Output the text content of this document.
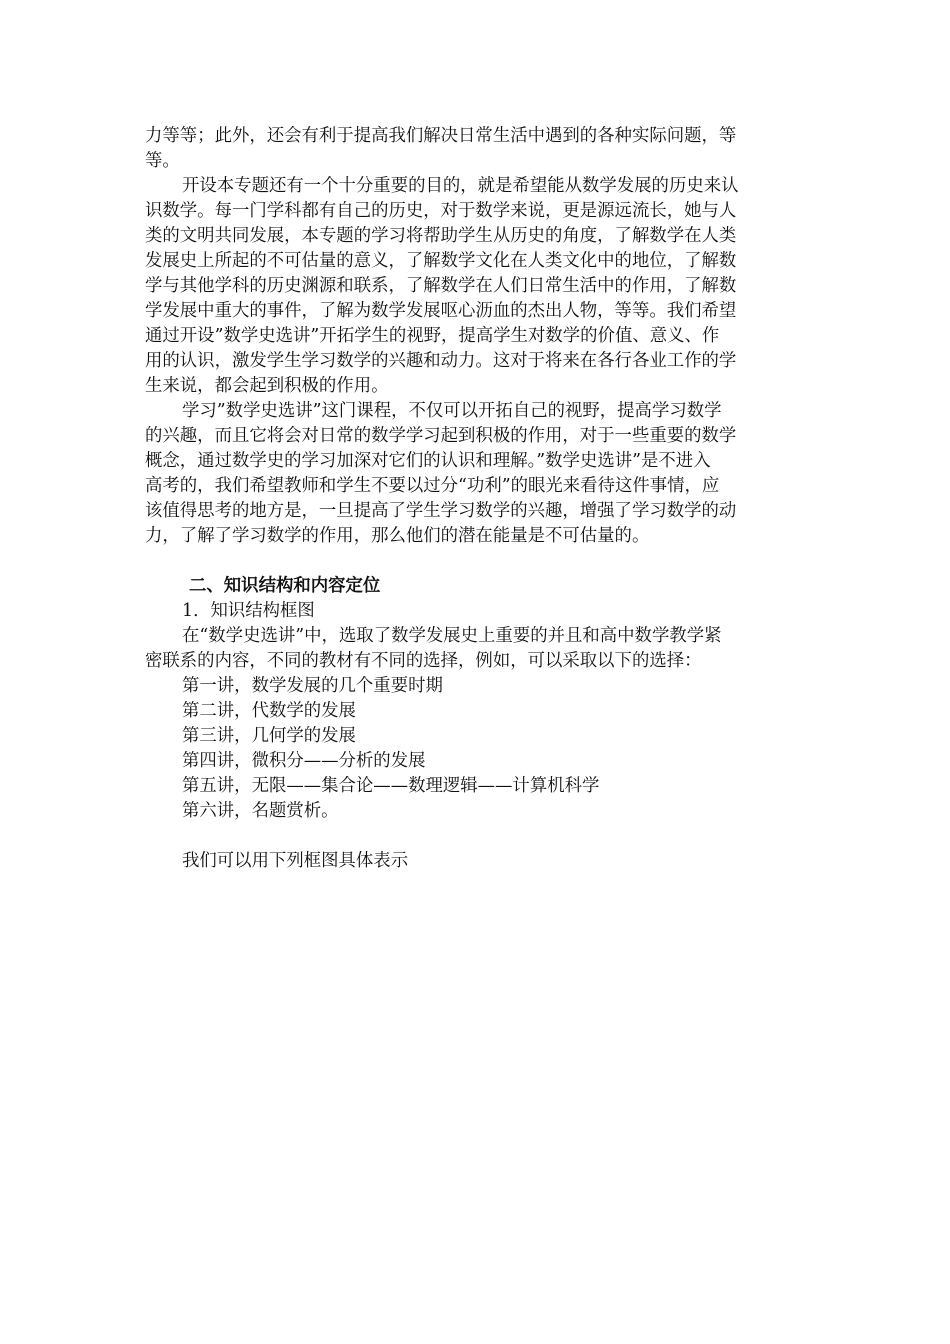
力等等；此外，还会有利于提高我们解决日常生活中遇到的各种实际问题，等
等。
开设本专题还有一个十分重要的目的，就是希望能从数学发展的历史来认
识数学。每一门学科都有自己的历史，对于数学来说，更是源远流长，她与人
类的文明共同发展，本专题的学习将帮助学生从历史的角度，了解数学在人类
发展史上所起的不可估量的意义，了解数学文化在人类文化中的地位，了解数
学与其他学科的历史渊源和联系，了解数学在人们日常生活中的作用，了解数
学发展中重大的事件，了解为数学发展呕心沥血的杰出人物，等等。我们希望
通过开设”数学史选讲”开拓学生的视野，提高学生对数学的价值、意义、作
用的认识，激发学生学习数学的兴趣和动力。这对于将来在各行各业工作的学
生来说，都会起到积极的作用。
学习”数学史选讲”这门课程，不仅可以开拓自己的视野，提高学习数学
的兴趣，而且它将会对日常的数学学习起到积极的作用，对于一些重要的数学
概念，通过数学史的学习加深对它们的认识和理解。”数学史选讲”是不进入
高考的，我们希望教师和学生不要以过分“功利”的眼光来看待这件事情，应
该值得思考的地方是，一旦提高了学生学习数学的兴趣，增强了学习数学的动
力，了解了学习数学的作用，那么他们的潜在能量是不可估量的。
二、知识结构和内容定位
1．知识结构框图
在“数学史选讲”中，选取了数学发展史上重要的并且和高中数学教学紧
密联系的内容，不同的教材有不同的选择，例如，可以采取以下的选择：
第一讲，数学发展的几个重要时期
第二讲，代数学的发展
第三讲，几何学的发展
第四讲，微积分——分析的发展
第五讲，无限——集合论——数理逻辑——计算机科学
第六讲，名题赏析。
我们可以用下列框图具体表示
